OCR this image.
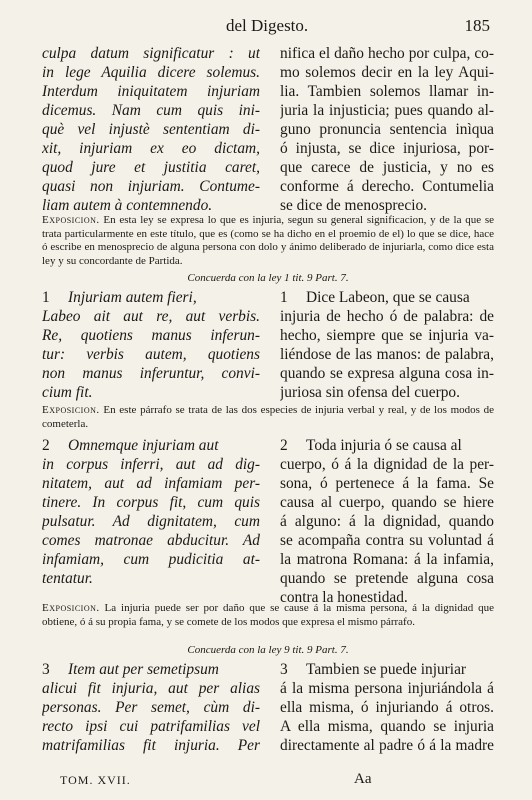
del Digesto.	185
culpa datum significatur : ut
in lege Aquilia dicere solemus.
Interdum iniquitatem injuriam
dicemus. Nam cum quis ini-
què vel injustè sententiam di-
xit, injuriam ex eo dictam,
quod jure et justitia caret,
quasi non injuriam. Contume-
liam autem à contemnendo.
nifica el daño hecho por culpa, co-
mo solemos decir en la ley Aqui-
lia. Tambien solemos llamar in-
juria la injusticia; pues quando al-
guno pronuncia sentencia inìqua
ó injusta, se dice injuriosa, por-
que carece de justicia, y no es
conforme á derecho. Contumelia
se dice de menosprecio.
Exposicion. En esta ley se expresa lo que es injuria, segun su general significacion, y de la que se trata particularmente en este título, que es (como se ha dicho en el proemio de el) lo que se dice, hace ó escribe en menosprecio de alguna persona con dolo y ánimo deliberado de injuriarla, como dice esta ley y su concordante de Partida.
Concuerda con la ley 1 tit. 9 Part. 7.
1 Injuriam autem fieri,
Labeo ait aut re, aut verbis.
Re, quotiens manus inferun-
tur: verbis autem, quotiens
non manus inferuntur, convi-
cium fit.
1 Dice Labeon, que se causa
injuria de hecho ó de palabra: de
hecho, siempre que se injuria va-
liéndose de las manos: de palabra,
quando se expresa alguna cosa in-
juriosa sin ofensa del cuerpo.
Exposicion. En este párrafo se trata de las dos especies de injuria verbal y real, y de los modos de cometerla.
2 Omnemque injuriam aut
in corpus inferri, aut ad dig-
nitatem, aut ad infamiam per-
tinere. In corpus fit, cum quis
pulsatur. Ad dignitatem, cum
comes matronae abducitur. Ad
infamiam, cum pudicitia at-
tentatur.
2 Toda injuria ó se causa al
cuerpo, ó á la dignidad de la per-
sona, ó pertenece á la fama. Se
causa al cuerpo, quando se hiere
á alguno: á la dignidad, quando
se acompaña contra su voluntad á
la matrona Romana: á la infamia,
quando se pretende alguna cosa
contra la honestidad.
Exposicion. La injuria puede ser por daño que se cause á la misma persona, á la dignidad que obtiene, ó á su propia fama, y se comete de los modos que expresa el mismo párrafo.
Concuerda con la ley 9 tit. 9 Part. 7.
3 Item aut per semetipsum
alicui fit injuria, aut per alias
personas. Per semet, cùm di-
recto ipsi cui patrifamilias vel
matrifamilias fit injuria. Per
3 Tambien se puede injuriar
á la misma persona injuriándola á
ella misma, ó injuriando á otros.
A ella misma, quando se injuria
directamente al padre ó á la madre
TOM. XVII.	Aa
